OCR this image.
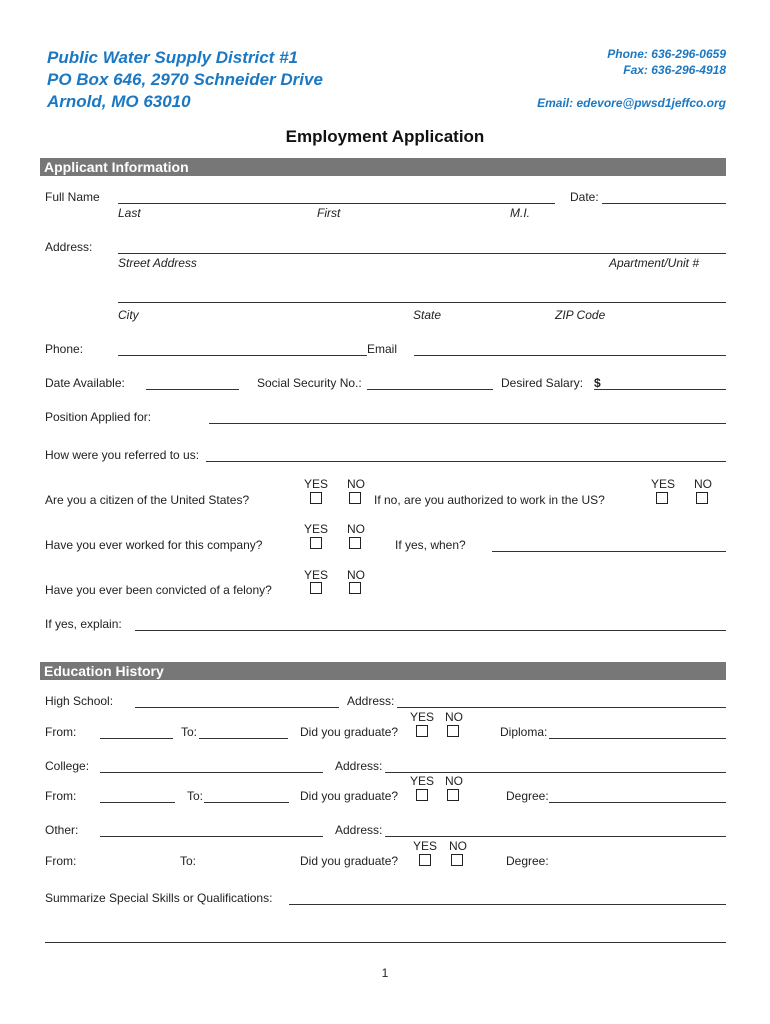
Public Water Supply District #1
PO Box 646, 2970 Schneider Drive
Arnold, MO 63010
Phone: 636-296-0659
Fax: 636-296-4918
Email: edevore@pwsd1jeffco.org
Employment Application
Applicant Information
Full Name	Date:
Last	First	M.I.
Address:
Street Address	Apartment/Unit #
City	State	ZIP Code
Phone:	Email
Date Available:	Social Security No.:	Desired Salary: $
Position Applied for:
How were you referred to us:
YES NO
Are you a citizen of the United States?	If no, are you authorized to work in the US?
YES NO
YES NO
Have you ever worked for this company?	If yes, when?
YES NO
Have you ever been convicted of a felony?
If yes, explain:
Education History
High School:	Address:
YES NO
From:	To:	Did you graduate?	Diploma:
College:	Address:
YES NO
From:	To:	Did you graduate?	Degree:
Other:	Address:
YES NO
From:	To:	Did you graduate?	Degree:
Summarize Special Skills or Qualifications:
1
